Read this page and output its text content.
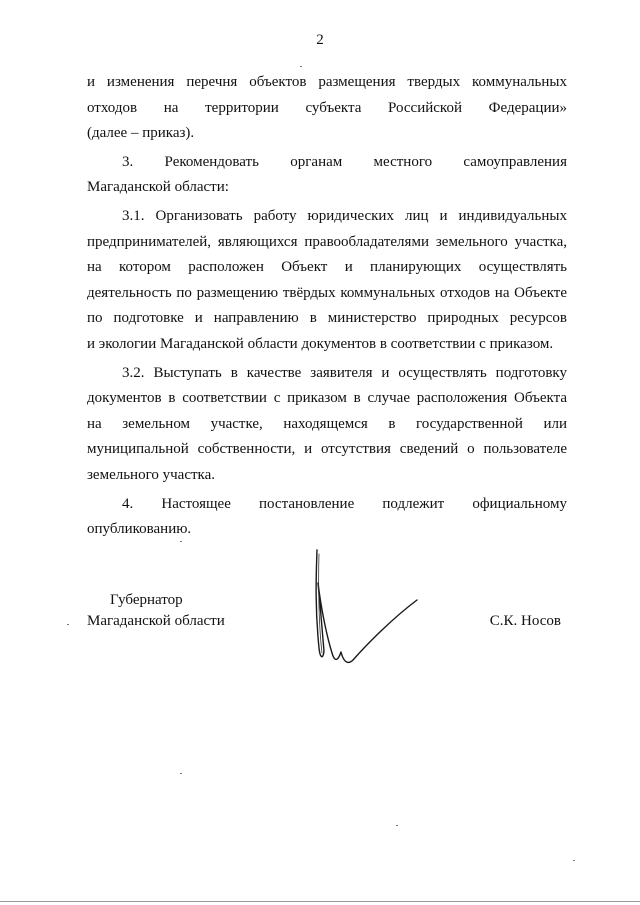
2

и изменения перечня объектов размещения твердых коммунальных

отходов на территории субъекта Российской Федерации»

(далее – приказ).

3. Рекомендовать органам местного самоуправления

Магаданской области:

3.1. Организовать работу юридических лиц и индивидуальных

предпринимателей, являющихся правообладателями земельного участка,

на котором расположен Объект и планирующих осуществлять

деятельность по размещению твёрдых коммунальных отходов на Объекте

по подготовке и направлению в министерство природных ресурсов

и экологии Магаданской области документов в соответствии с приказом.

3.2. Выступать в качестве заявителя и осуществлять подготовку

документов в соответствии с приказом в случае расположения Объекта

на земельном участке, находящемся в государственной или

муниципальной собственности, и отсутствия сведений о пользователе

земельного участка.

4. Настоящее постановление подлежит официальному

опубликованию.

Губернатор
Магаданской области	С.К. Носов
